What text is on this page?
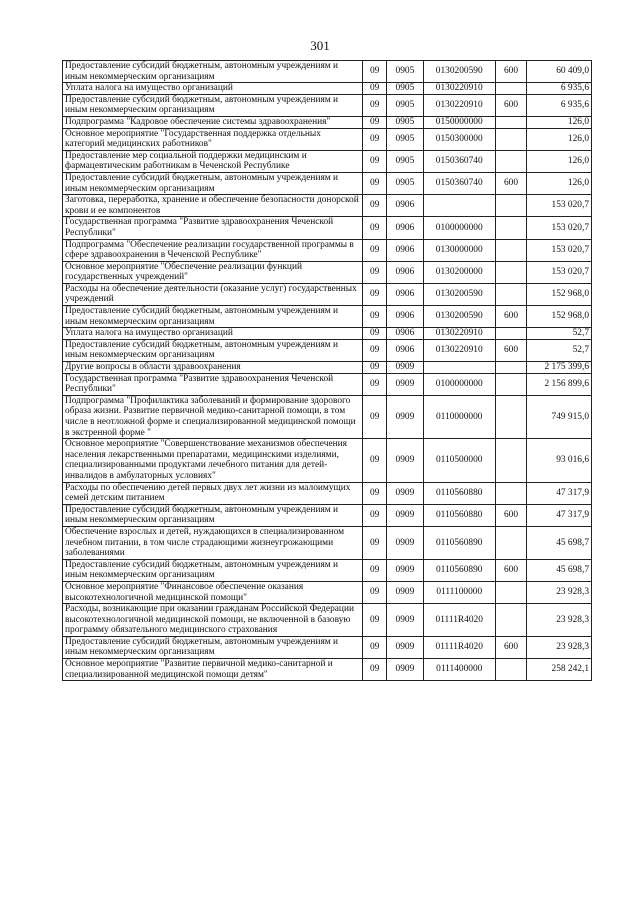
301
Предоставление субсидий бюджетным, автономным учреждениям и иным некоммерческим организациям	09	0905	0130200590	600	60 409,0
Уплата налога на имущество организаций	09	0905	0130220910		6 935,6
Предоставление субсидий бюджетным, автономным учреждениям и иным некоммерческим организациям	09	0905	0130220910	600	6 935,6
Подпрограмма "Кадровое обеспечение системы здравоохранения"	09	0905	0150000000		126,0
Основное мероприятие "Государственная поддержка отдельных категорий медицинских работников"	09	0905	0150300000		126,0
Предоставление мер социальной поддержки медицинским и фармацевтическим работникам в Чеченской Республике	09	0905	0150360740		126,0
Предоставление субсидий бюджетным, автономным учреждениям и иным некоммерческим организациям	09	0905	0150360740	600	126,0
Заготовка, переработка, хранение и обеспечение безопасности донорской крови и ее компонентов	09	0906			153 020,7
Государственная программа "Развитие здравоохранения Чеченской Республики"	09	0906	0100000000		153 020,7
Подпрограмма "Обеспечение реализации государственной программы в сфере здравоохранения в Чеченской Республике"	09	0906	0130000000		153 020,7
Основное мероприятие "Обеспечение реализации функций государственных учреждений"	09	0906	0130200000		153 020,7
Расходы на обеспечение деятельности (оказание услуг) государственных учреждений	09	0906	0130200590		152 968,0
Предоставление субсидий бюджетным, автономным учреждениям и иным некоммерческим организациям	09	0906	0130200590	600	152 968,0
Уплата налога на имущество организаций	09	0906	0130220910		52,7
Предоставление субсидий бюджетным, автономным учреждениям и иным некоммерческим организациям	09	0906	0130220910	600	52,7
Другие вопросы в области здравоохранения	09	0909			2 175 399,6
Государственная программа "Развитие здравоохранения Чеченской Республики"	09	0909	0100000000		2 156 899,6
Подпрограмма "Профилактика заболеваний и формирование здорового образа жизни. Развитие первичной медико-санитарной помощи, в том числе в неотложной форме и специализированной медицинской помощи в экстренной форме "	09	0909	0110000000		749 915,0
Основное мероприятие "Совершенствование механизмов обеспечения населения лекарственными препаратами, медицинскими изделиями, специализированными продуктами лечебного питания для детей-инвалидов в амбулаторных условиях"	09	0909	0110500000		93 016,6
Расходы по обеспечению детей первых двух лет жизни из малоимущих семей детским питанием	09	0909	0110560880		47 317,9
Предоставление субсидий бюджетным, автономным учреждениям и иным некоммерческим организациям	09	0909	0110560880	600	47 317,9
Обеспечение взрослых и детей, нуждающихся в специализированном лечебном питании, в том числе страдающими жизнеугрожающими заболеваниями	09	0909	0110560890		45 698,7
Предоставление субсидий бюджетным, автономным учреждениям и иным некоммерческим организациям	09	0909	0110560890	600	45 698,7
Основное мероприятие "Финансовое обеспечение оказания высокотехнологичной медицинской помощи"	09	0909	0111100000		23 928,3
Расходы, возникающие при оказании гражданам Российской Федерации высокотехнологичной медицинской помощи, не включенной в базовую программу обязательного медицинского страхования	09	0909	01111R4020		23 928,3
Предоставление субсидий бюджетным, автономным учреждениям и иным некоммерческим организациям	09	0909	01111R4020	600	23 928,3
Основное мероприятие "Развитие первичной медико-санитарной и специализированной медицинской помощи детям"	09	0909	0111400000		258 242,1
